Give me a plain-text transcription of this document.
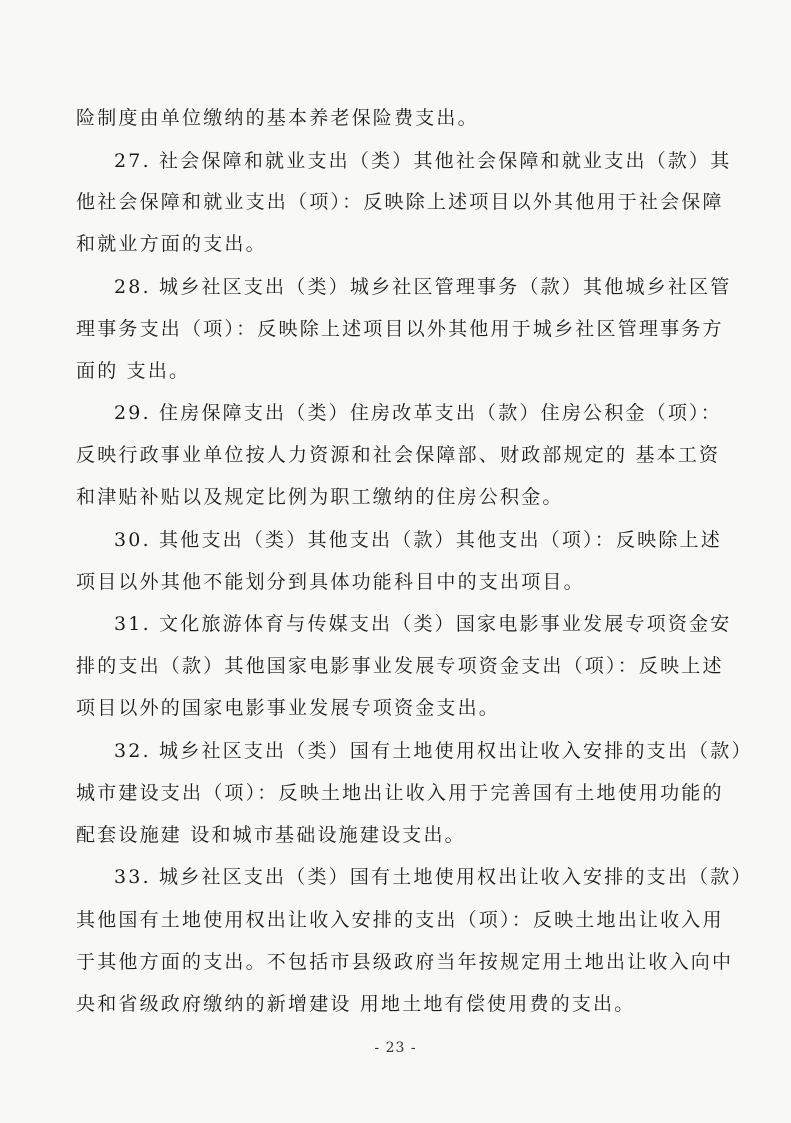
险制度由单位缴纳的基本养老保险费支出。
27. 社会保障和就业支出（类）其他社会保障和就业支出（款）其
他社会保障和就业支出（项）：反映除上述项目以外其他用于社会保障
和就业方面的支出。
28. 城乡社区支出（类）城乡社区管理事务（款）其他城乡社区管
理事务支出（项）：反映除上述项目以外其他用于城乡社区管理事务方
面的 支出。
29. 住房保障支出（类）住房改革支出（款）住房公积金（项）：
反映行政事业单位按人力资源和社会保障部、财政部规定的 基本工资
和津贴补贴以及规定比例为职工缴纳的住房公积金。
30. 其他支出（类）其他支出（款）其他支出（项）：反映除上述
项目以外其他不能划分到具体功能科目中的支出项目。
31. 文化旅游体育与传媒支出（类）国家电影事业发展专项资金安
排的支出（款）其他国家电影事业发展专项资金支出（项）：反映上述
项目以外的国家电影事业发展专项资金支出。
32. 城乡社区支出（类）国有土地使用权出让收入安排的支出（款）
城市建设支出（项）：反映土地出让收入用于完善国有土地使用功能的
配套设施建 设和城市基础设施建设支出。
33. 城乡社区支出（类）国有土地使用权出让收入安排的支出（款）
其他国有土地使用权出让收入安排的支出（项）：反映土地出让收入用
于其他方面的支出。不包括市县级政府当年按规定用土地出让收入向中
央和省级政府缴纳的新增建设 用地土地有偿使用费的支出。
- 23 -
